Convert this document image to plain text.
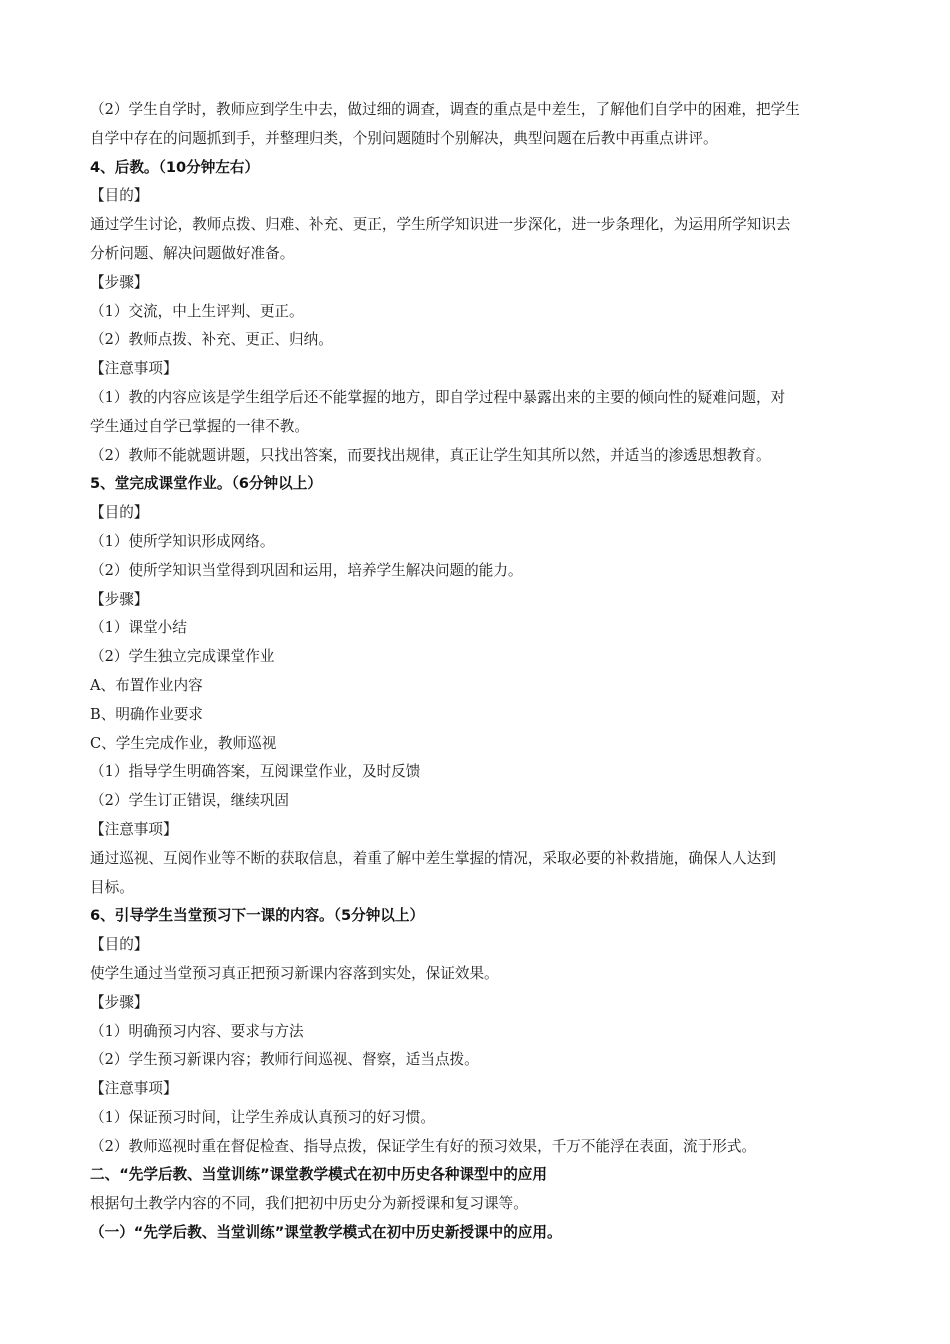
（2）学生自学时，教师应到学生中去，做过细的调查，调查的重点是中差生，了解他们自学中的困难，把学生
自学中存在的问题抓到手，并整理归类，个别问题随时个别解决，典型问题在后教中再重点讲评。
4、后教。（10分钟左右）
【目的】
通过学生讨论，教师点拨、归难、补充、更正，学生所学知识进一步深化，进一步条理化，为运用所学知识去
分析问题、解决问题做好准备。
【步骤】
（1）交流，中上生评判、更正。
（2）教师点拨、补充、更正、归纳。
【注意事项】
（1）教的内容应该是学生组学后还不能掌握的地方，即自学过程中暴露出来的主要的倾向性的疑难问题，对
学生通过自学已掌握的一律不教。
（2）教师不能就题讲题，只找出答案，而要找出规律，真正让学生知其所以然，并适当的渗透思想教育。
5、堂完成课堂作业。（6分钟以上）
【目的】
（1）使所学知识形成网络。
（2）使所学知识当堂得到巩固和运用，培养学生解决问题的能力。
【步骤】
（1）课堂小结
（2）学生独立完成课堂作业
A、布置作业内容
B、明确作业要求
C、学生完成作业，教师巡视
（1）指导学生明确答案，互阅课堂作业，及时反馈
（2）学生订正错误，继续巩固
【注意事项】
通过巡视、互阅作业等不断的获取信息，着重了解中差生掌握的情况，采取必要的补救措施，确保人人达到
目标。
6、引导学生当堂预习下一课的内容。（5分钟以上）
【目的】
使学生通过当堂预习真正把预习新课内容落到实处，保证效果。
【步骤】
（1）明确预习内容、要求与方法
（2）学生预习新课内容；教师行间巡视、督察，适当点拨。
【注意事项】
（1）保证预习时间，让学生养成认真预习的好习惯。
（2）教师巡视时重在督促检查、指导点拨，保证学生有好的预习效果，千万不能浮在表面，流于形式。
二、“先学后教、当堂训练”课堂教学模式在初中历史各种课型中的应用
根据句土教学内容的不同，我们把初中历史分为新授课和复习课等。
（一）“先学后教、当堂训练”课堂教学模式在初中历史新授课中的应用。
